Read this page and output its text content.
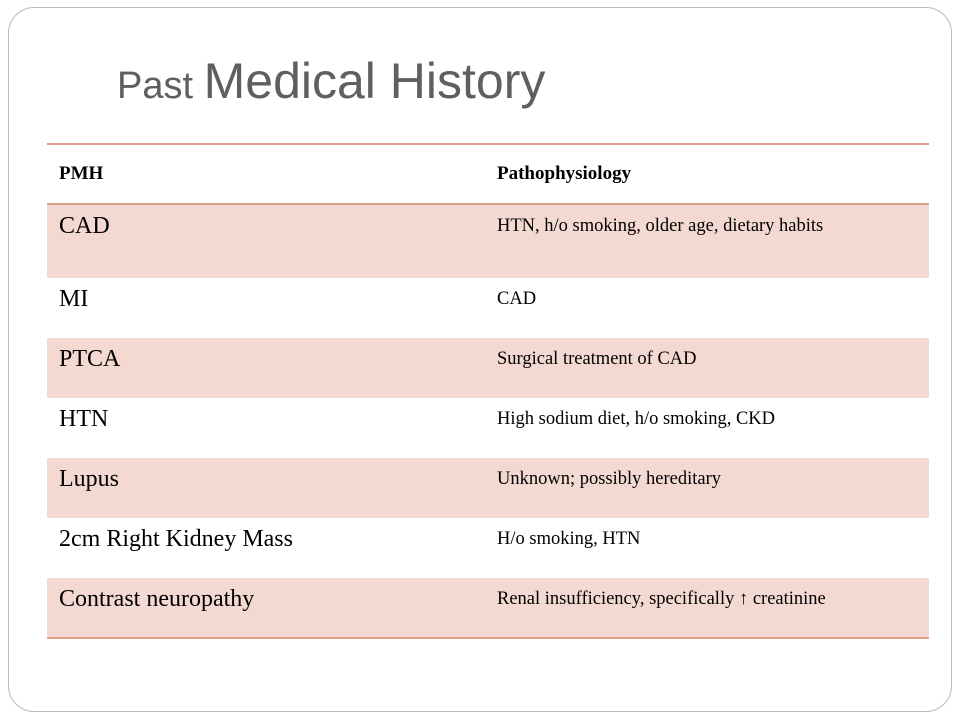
Past Medical History
PMH	Pathophysiology
CAD	HTN, h/o smoking, older age, dietary habits
MI	CAD
PTCA	Surgical treatment of CAD
HTN	High sodium diet, h/o smoking, CKD
Lupus	Unknown; possibly hereditary
2cm Right Kidney Mass	H/o smoking, HTN
Contrast neuropathy	Renal insufficiency, specifically ↑ creatinine
